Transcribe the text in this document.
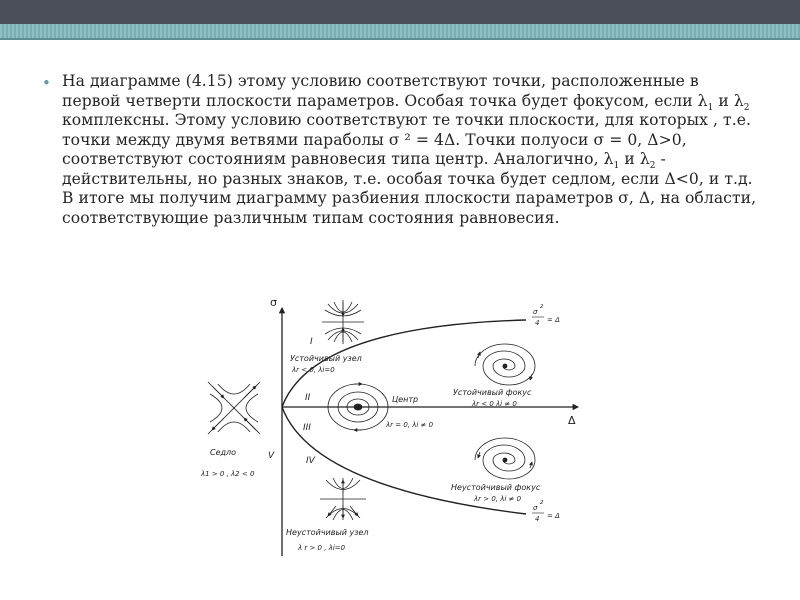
• На диаграмме (4.15) этому условию соответствуют точки, расположенные в первой четверти плоскости параметров. Особая точка будет фокусом, если $\lambda_1$ и $\lambda_2$ комплексны. Этому условию соответствуют те точки плоскости, для которых , т.е. точки между двумя ветвями параболы σ ² = 4Δ. Точки полуоси σ = 0, Δ>0, соответствуют состояниям равновесия типа центр. Аналогично, $\lambda_1$ и $\lambda_2$ - действительны, но разных знаков, т.е. особая точка будет седлом, если Δ<0, и т.д. В итоге мы получим диаграмму разбиения плоскости параметров σ, Δ, на области, соответствующие различным типам состояния равновесия.

σ
Δ
σ
2
4 = Δ
σ
2
4 = Δ
I
II
III
IV
V
Устойчивый узел
λr < 0, λi=0
Центр
λr = 0, λi ≠ 0
Устойчивый фокус
λr < 0 λi ≠ 0
Неустойчивый фокус
λr > 0, λi ≠ 0
Седло
λ1 > 0 , λ2 < 0
Неустойчивый узел
λ r > 0 , λi=0
